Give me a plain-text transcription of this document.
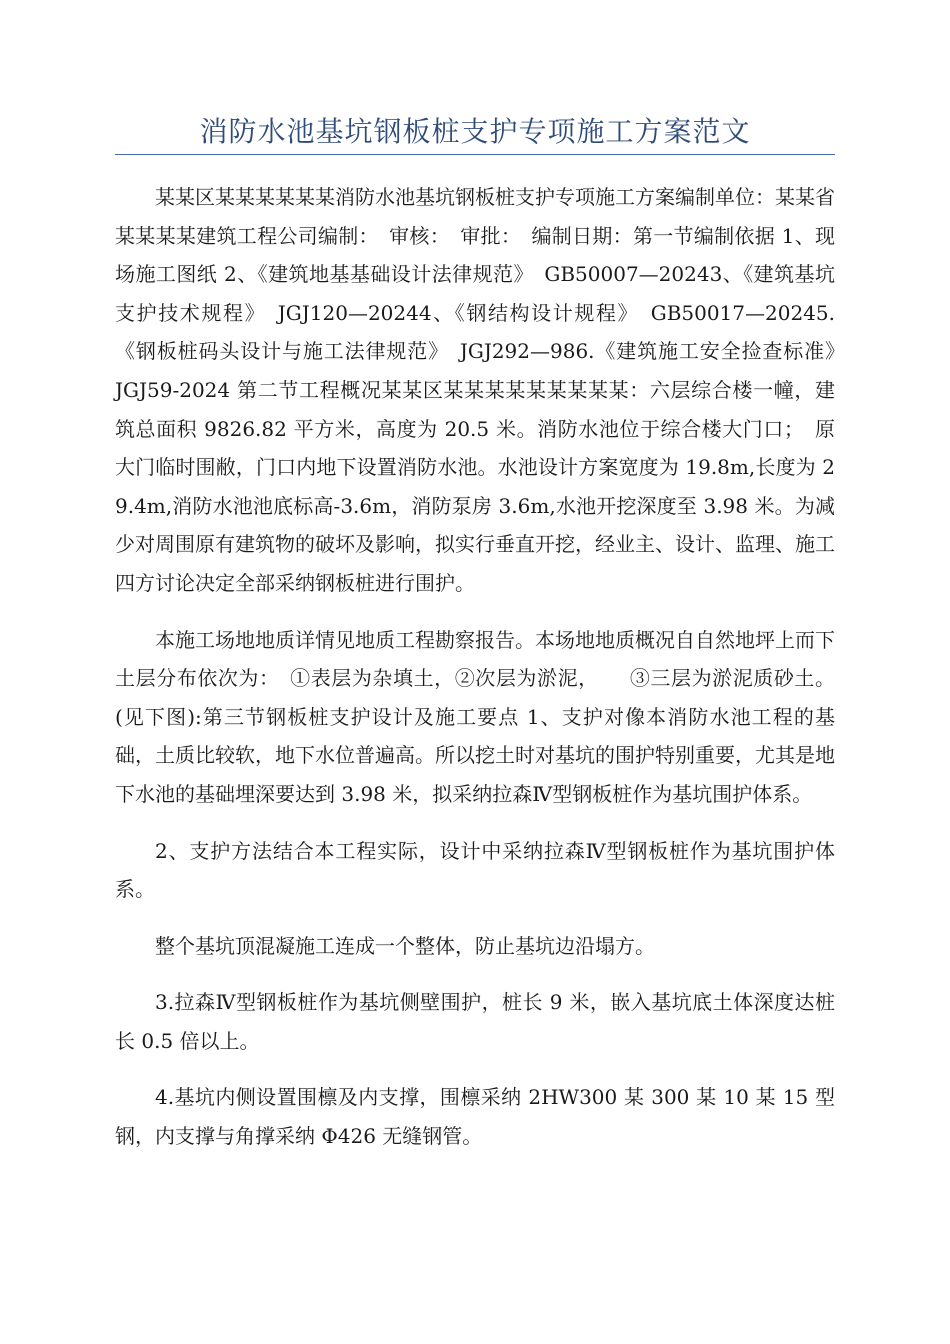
消防水池基坑钢板桩支护专项施工方案范文

某某区某某某某某某消防水池基坑钢板桩支护专项施工方案编制单位：某某省某某某某建筑工程公司编制：　审核：　审批：　编制日期：第一节编制依据 1、现场施工图纸 2、《建筑地基基础设计法律规范》　GB50007—20243、《建筑基坑支护技术规程》　JGJ120—20244、《钢结构设计规程》　GB50017—20245.《钢板桩码头设计与施工法律规范》　JGJ292—986.《建筑施工安全捡查标准》　JGJ59-2024 第二节工程概况某某区某某某某某某某某某：六层综合楼一幢，建筑总面积 9826.82 平方米，高度为 20.5 米。消防水池位于综合楼大门口；　原大门临时围敝，门口内地下设置消防水池。水池设计方案宽度为 19.8m,长度为 29.4m,消防水池池底标高-3.6m，消防泵房 3.6m,水池开挖深度至 3.98 米。为减少对周围原有建筑物的破坏及影响，拟实行垂直开挖，经业主、设计、监理、施工四方讨论决定全部采纳钢板桩进行围护。

本施工场地地质详情见地质工程勘察报告。本场地地质概况自自然地坪上而下土层分布依次为：　①表层为杂填土，②次层为淤泥，　　③三层为淤泥质砂土。(见下图):第三节钢板桩支护设计及施工要点 1、支护对像本消防水池工程的基础，土质比较软，地下水位普遍高。所以挖土时对基坑的围护特别重要，尤其是地下水池的基础埋深要达到 3.98 米，拟采纳拉森Ⅳ型钢板桩作为基坑围护体系。

2、支护方法结合本工程实际，设计中采纳拉森Ⅳ型钢板桩作为基坑围护体系。

整个基坑顶混凝施工连成一个整体，防止基坑边沿塌方。

3.拉森Ⅳ型钢板桩作为基坑侧壁围护，桩长 9 米，嵌入基坑底土体深度达桩长 0.5 倍以上。

4.基坑内侧设置围檩及内支撑，围檩采纳 2HW300 某 300 某 10 某 15 型钢，内支撑与角撑采纳 Φ426 无缝钢管。
